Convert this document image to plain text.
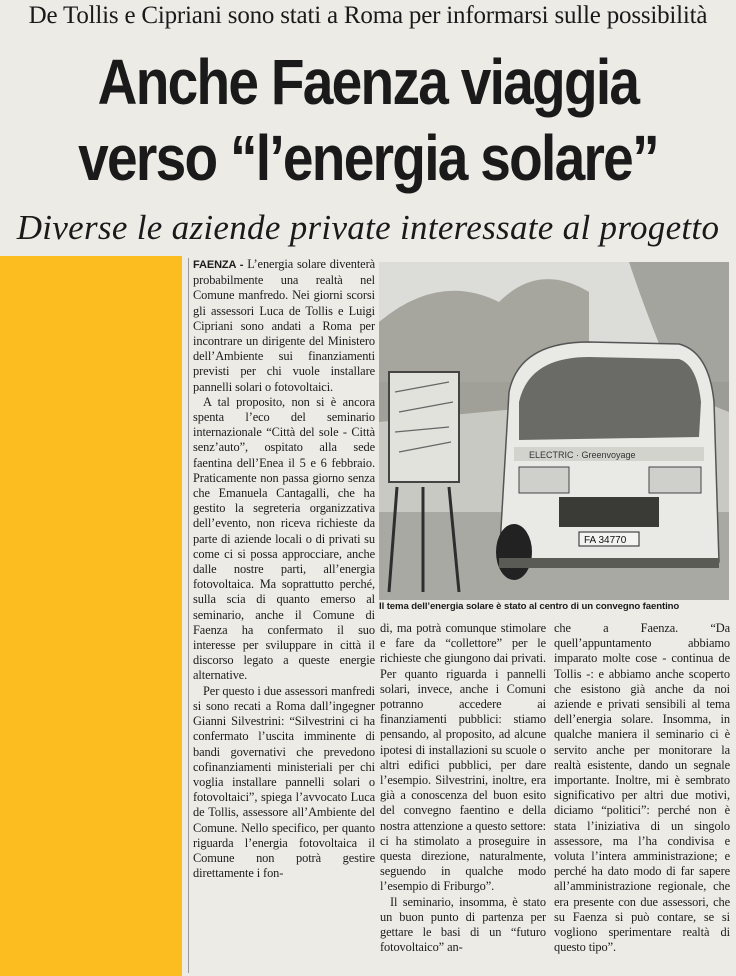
De Tollis e Cipriani sono stati a Roma per informarsi sulle possibilità
Anche Faenza viaggia
verso “l’energia solare”
Diverse le aziende private interessate al progetto

FAENZA - L’energia solare diventerà probabilmente una realtà nel Comune manfredo. Nei giorni scorsi gli assessori Luca de Tollis e Luigi Cipriani sono andati a Roma per incontrare un dirigente del Ministero dell’Ambiente sui finanziamenti previsti per chi vuole installare pannelli solari o fotovoltaici.

A tal proposito, non si è ancora spenta l’eco del seminario internazionale “Città del sole - Città senz’auto”, ospitato alla sede faentina dell’Enea il 5 e 6 febbraio. Praticamente non passa giorno senza che Emanuela Cantagalli, che ha gestito la segreteria organizzativa dell’evento, non riceva richieste da parte di aziende locali o di privati su come ci si possa approcciare, anche dalle nostre parti, all’energia fotovoltaica. Ma soprattutto perché, sulla scia di quanto emerso al seminario, anche il Comune di Faenza ha confermato il suo interesse per sviluppare in città il discorso legato a queste energie alternative.

Per questo i due assessori manfredi si sono recati a Roma dall’ingegner Gianni Silvestrini: “Silvestrini ci ha confermato l’uscita imminente di bandi governativi che prevedono cofinanziamenti ministeriali per chi voglia installare pannelli solari o fotovoltaici”, spiega l’avvocato Luca de Tollis, assessore all’Ambiente del Comune. Nello specifico, per quanto riguarda l’energia fotovoltaica il Comune non potrà gestire direttamente i fon-

ELECTRIC · Greenvoyage
FA 34770
Il tema dell’energia solare è stato al centro di un convegno faentino

di, ma potrà comunque stimolare e fare da “collettore” per le richieste che giungono dai privati. Per quanto riguarda i pannelli solari, invece, anche i Comuni potranno accedere ai finanziamenti pubblici: stiamo pensando, al proposito, ad alcune ipotesi di installazioni su scuole o altri edifici pubblici, per dare l’esempio. Silvestrini, inoltre, era già a conoscenza del buon esito del convegno faentino e della nostra attenzione a questo settore: ci ha stimolato a proseguire in questa direzione, naturalmente, seguendo in qualche modo l’esempio di Friburgo”.

Il seminario, insomma, è stato un buon punto di partenza per gettare le basi di un “futuro fotovoltaico” an-

che a Faenza. “Da quell’appuntamento abbiamo imparato molte cose - continua de Tollis -: e abbiamo anche scoperto che esistono già anche da noi aziende e privati sensibili al tema dell’energia solare. Insomma, in qualche maniera il seminario ci è servito anche per monitorare la realtà esistente, dando un segnale importante. Inoltre, mi è sembrato significativo per altri due motivi, diciamo “politici”: perché non è stata l’iniziativa di un singolo assessore, ma l’ha condivisa e voluta l’intera amministrazione; e perché ha dato modo di far sapere all’amministrazione regionale, che era presente con due assessori, che su Faenza si può contare, se si vogliono sperimentare realtà di questo tipo”.
